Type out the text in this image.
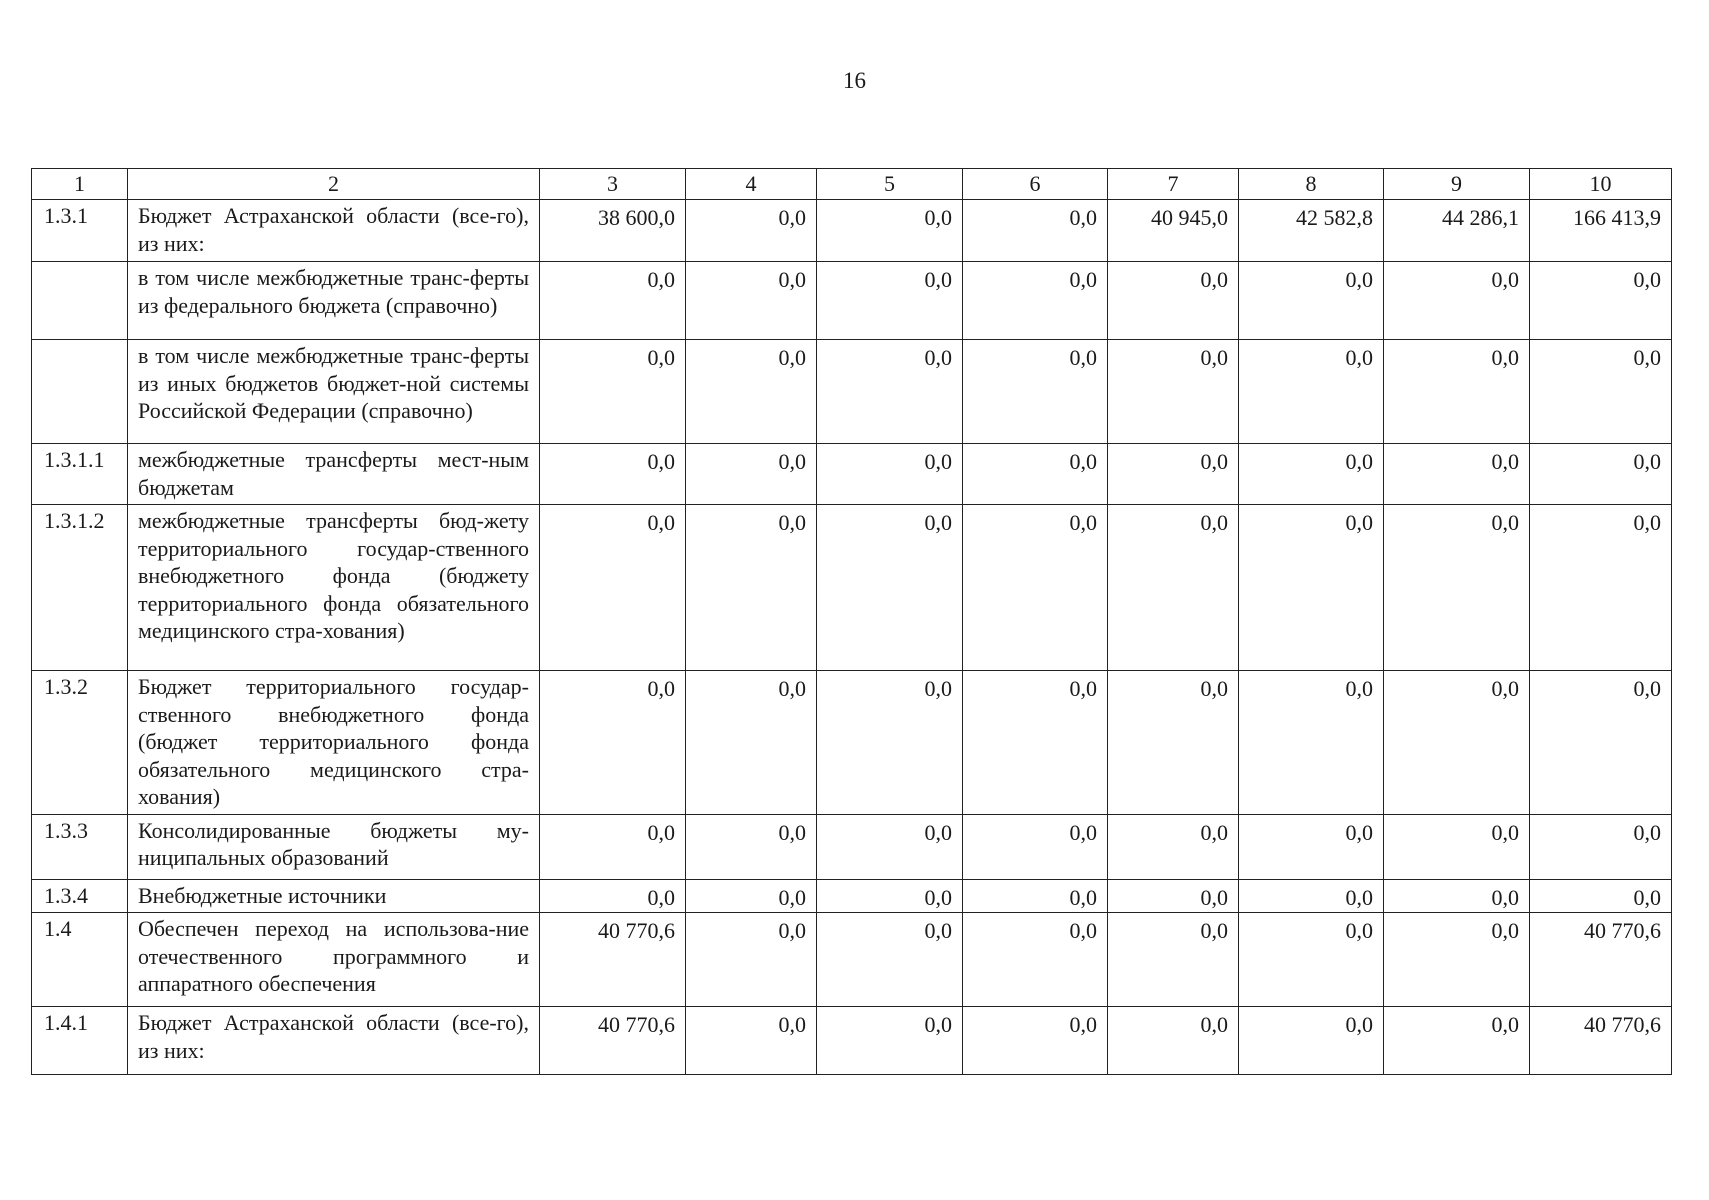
16
1	2	3	4	5	6	7	8	9	10
1.3.1	Бюджет Астраханской области (все-го), из них:	38 600,0	0,0	0,0	0,0	40 945,0	42 582,8	44 286,1	166 413,9
	в том числе межбюджетные транс-ферты из федерального бюджета (справочно)	0,0	0,0	0,0	0,0	0,0	0,0	0,0	0,0
	в том числе межбюджетные транс-ферты из иных бюджетов бюджет-ной системы Российской Федерации (справочно)	0,0	0,0	0,0	0,0	0,0	0,0	0,0	0,0
1.3.1.1	межбюджетные трансферты мест-ным бюджетам	0,0	0,0	0,0	0,0	0,0	0,0	0,0	0,0
1.3.1.2	межбюджетные трансферты бюд-жету территориального государ-ственного внебюджетного фонда (бюджету территориального фонда обязательного медицинского стра-хования)	0,0	0,0	0,0	0,0	0,0	0,0	0,0	0,0
1.3.2	Бюджет территориального государ-ственного внебюджетного фонда (бюджет территориального фонда обязательного медицинского стра-хования)	0,0	0,0	0,0	0,0	0,0	0,0	0,0	0,0
1.3.3	Консолидированные бюджеты му-ниципальных образований	0,0	0,0	0,0	0,0	0,0	0,0	0,0	0,0
1.3.4	Внебюджетные источники	0,0	0,0	0,0	0,0	0,0	0,0	0,0	0,0
1.4	Обеспечен переход на использова-ние отечественного программного и аппаратного обеспечения	40 770,6	0,0	0,0	0,0	0,0	0,0	0,0	40 770,6
1.4.1	Бюджет Астраханской области (все-го), из них:	40 770,6	0,0	0,0	0,0	0,0	0,0	0,0	40 770,6
